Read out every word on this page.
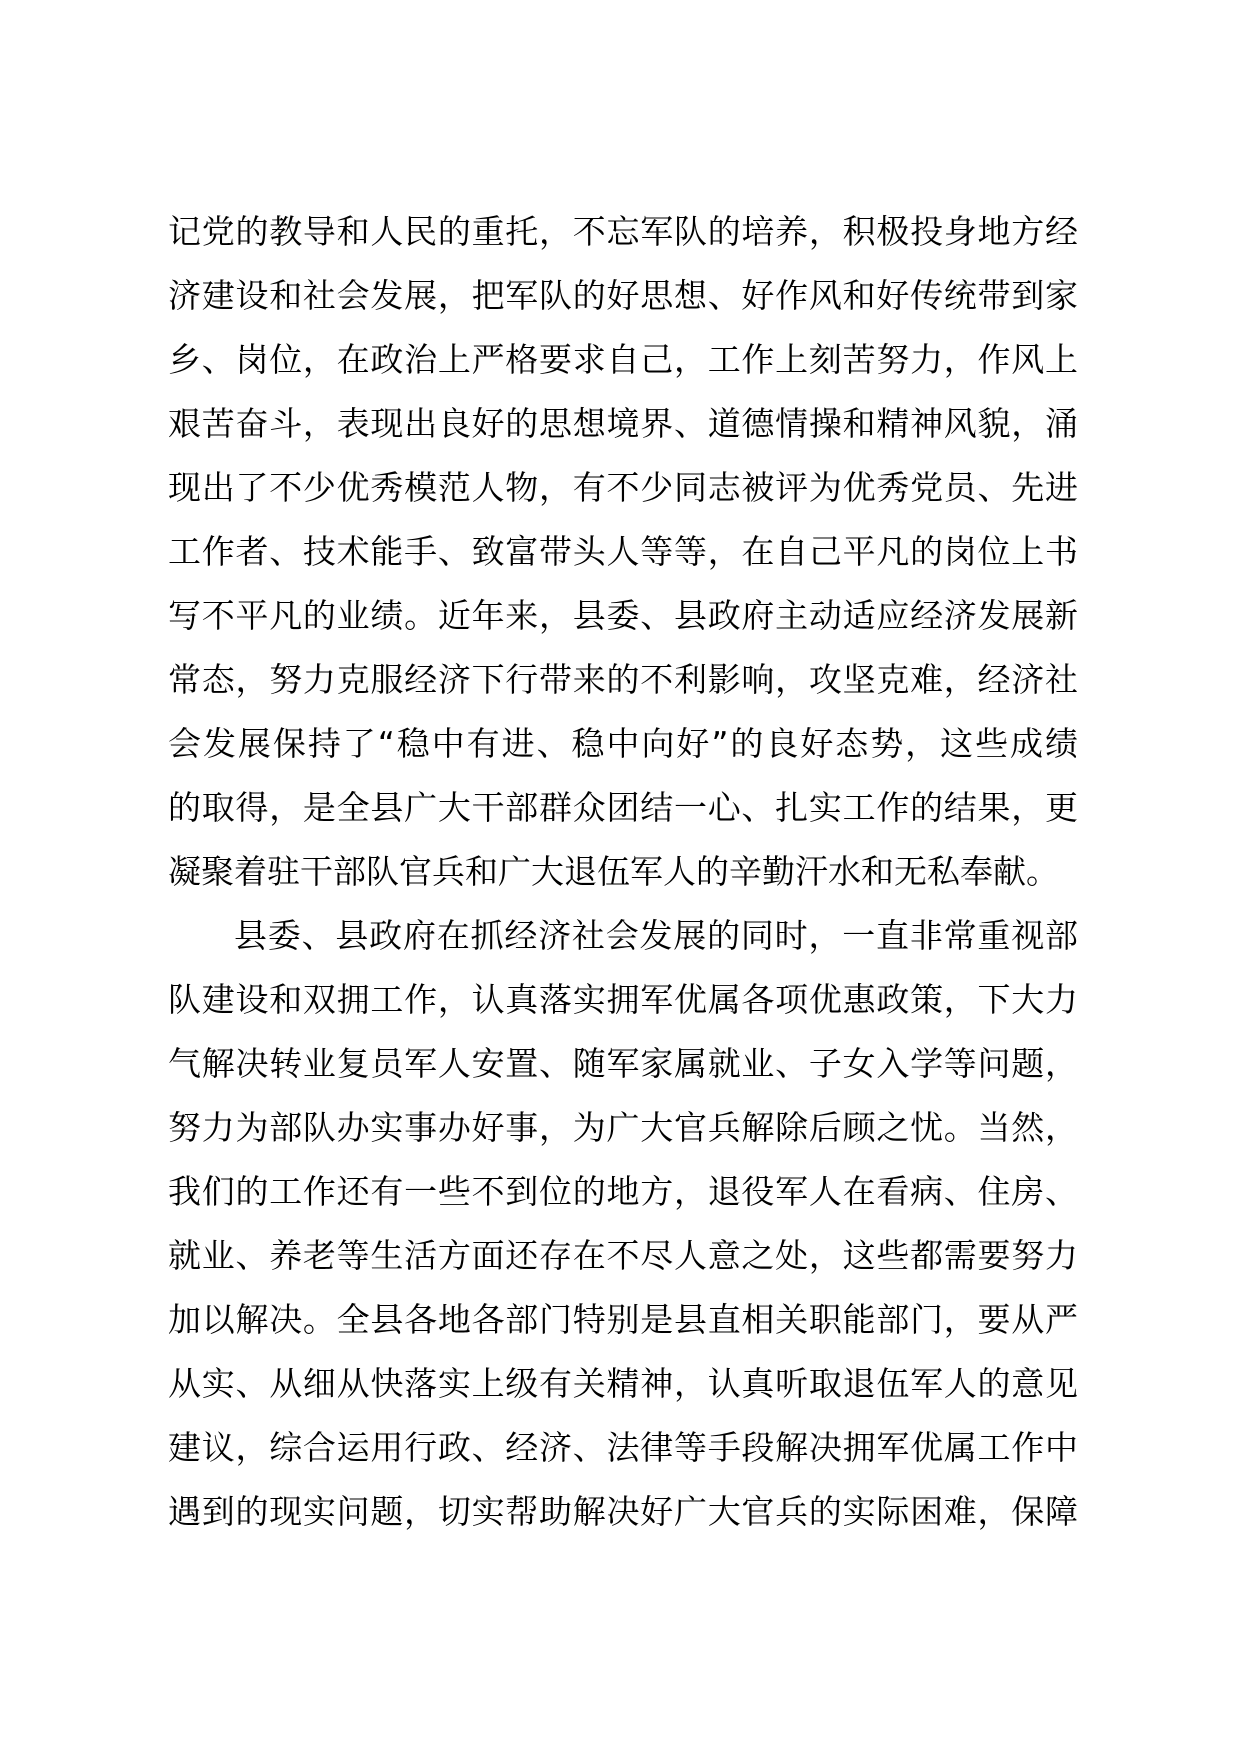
记党的教导和人民的重托，不忘军队的培养，积极投身地方经
济建设和社会发展，把军队的好思想、好作风和好传统带到家
乡、岗位，在政治上严格要求自己，工作上刻苦努力，作风上
艰苦奋斗，表现出良好的思想境界、道德情操和精神风貌，涌
现出了不少优秀模范人物，有不少同志被评为优秀党员、先进
工作者、技术能手、致富带头人等等，在自己平凡的岗位上书
写不平凡的业绩。近年来，县委、县政府主动适应经济发展新
常态，努力克服经济下行带来的不利影响，攻坚克难，经济社
会发展保持了“稳中有进、稳中向好”的良好态势，这些成绩
的取得，是全县广大干部群众团结一心、扎实工作的结果，更
凝聚着驻干部队官兵和广大退伍军人的辛勤汗水和无私奉献。
县委、县政府在抓经济社会发展的同时，一直非常重视部
队建设和双拥工作，认真落实拥军优属各项优惠政策，下大力
气解决转业复员军人安置、随军家属就业、子女入学等问题，
努力为部队办实事办好事，为广大官兵解除后顾之忧。当然，
我们的工作还有一些不到位的地方，退役军人在看病、住房、
就业、养老等生活方面还存在不尽人意之处，这些都需要努力
加以解决。全县各地各部门特别是县直相关职能部门，要从严
从实、从细从快落实上级有关精神，认真听取退伍军人的意见
建议，综合运用行政、经济、法律等手段解决拥军优属工作中
遇到的现实问题，切实帮助解决好广大官兵的实际困难，保障
